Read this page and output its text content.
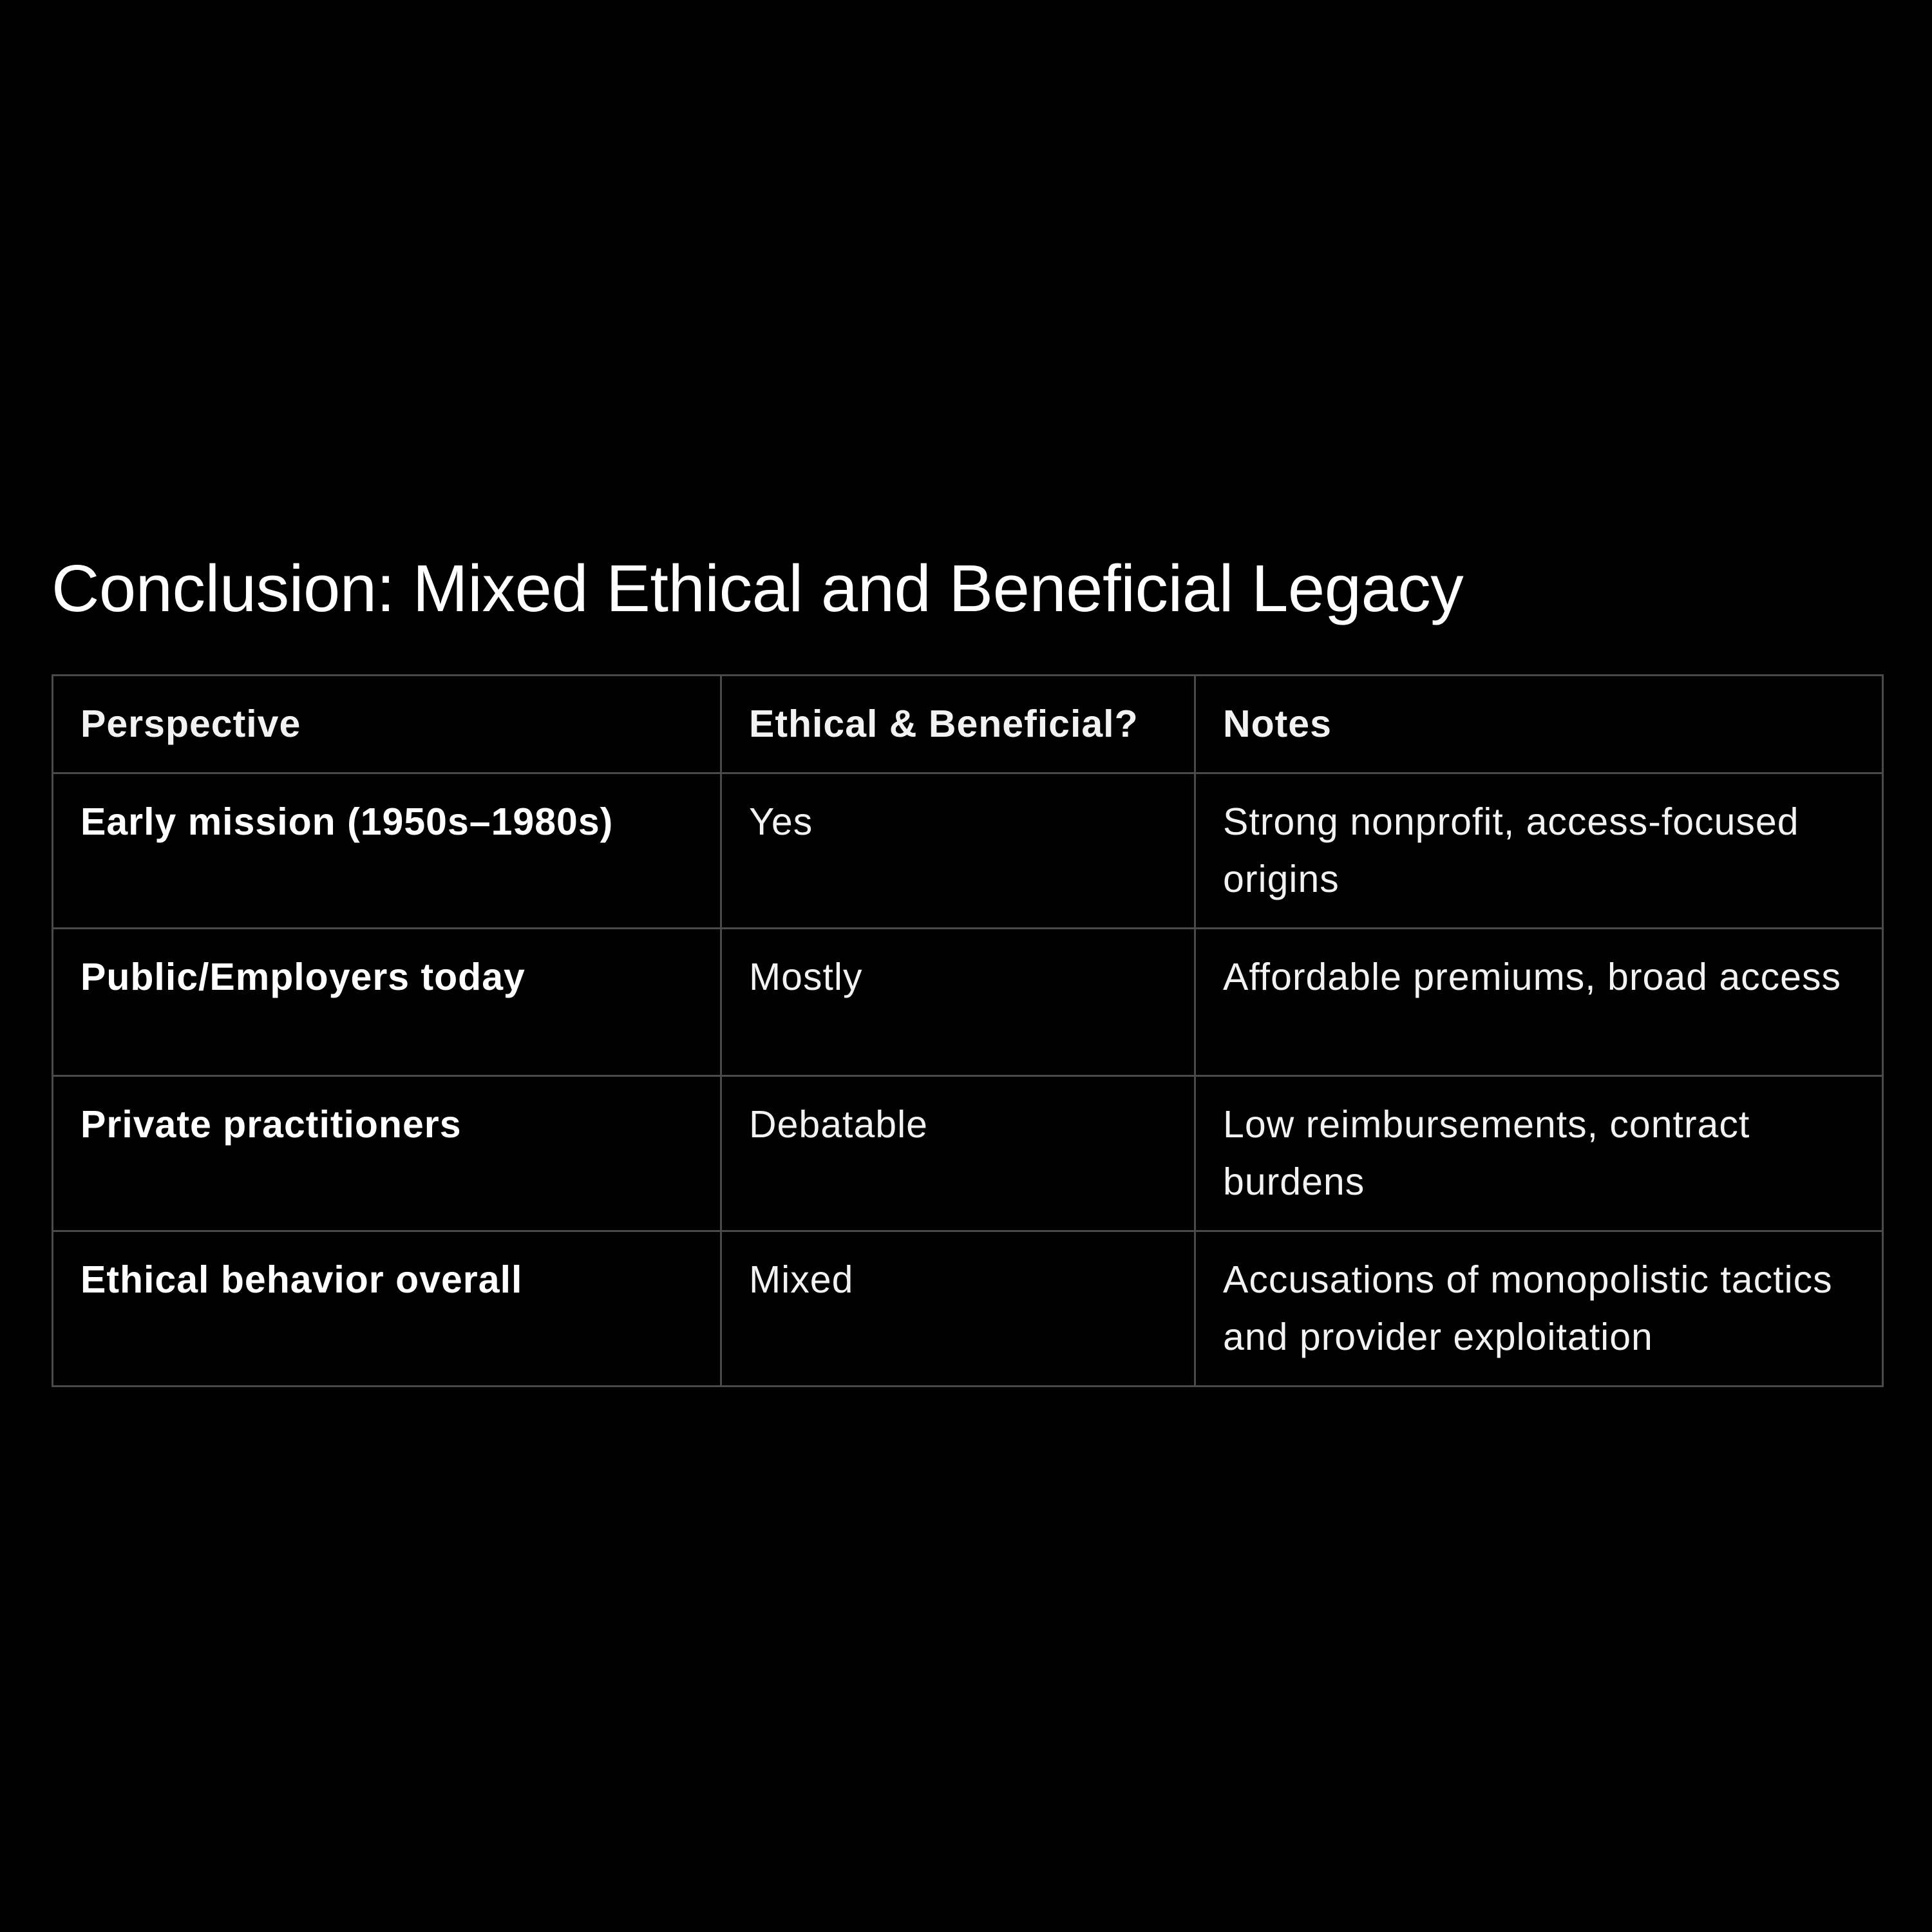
Conclusion: Mixed Ethical and Beneficial Legacy
Perspective	Ethical & Beneficial?	Notes
Early mission (1950s–1980s)	Yes	Strong nonprofit, access-focused origins
Public/Employers today	Mostly	Affordable premiums, broad access
Private practitioners	Debatable	Low reimbursements, contract burdens
Ethical behavior overall	Mixed	Accusations of monopolistic tactics and provider exploitation
